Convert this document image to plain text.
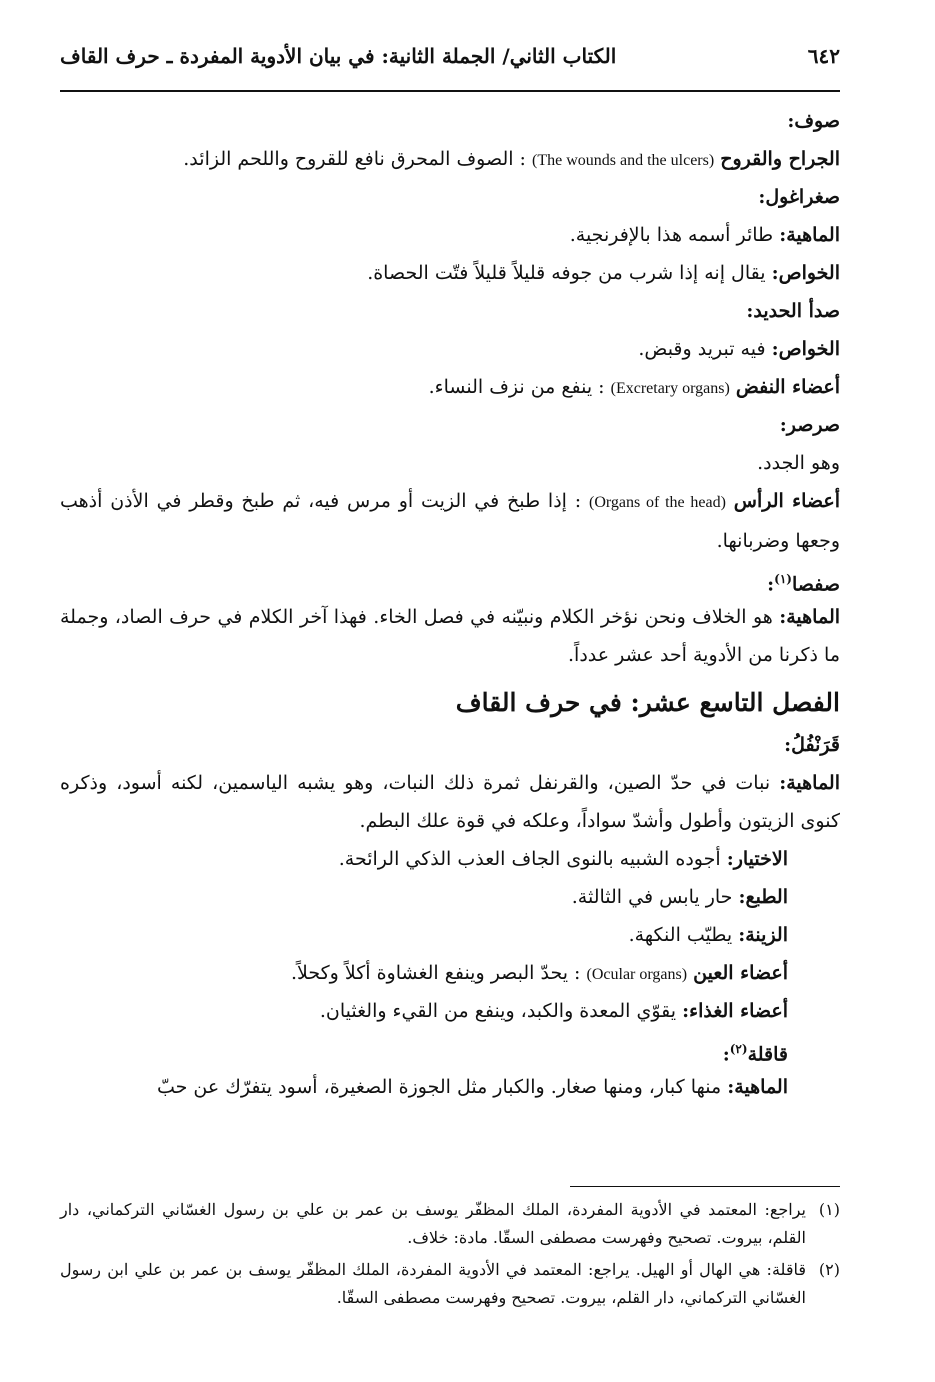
٦٤٢
الكتاب الثاني/ الجملة الثانية: في بيان الأدوية المفردة ـ حرف القاف
صوف:
الجراح والقروح (The wounds and the ulcers) : الصوف المحرق نافع للقروح واللحم الزائد.
صغراغول:
الماهية: طائر أسمه هذا بالإفرنجية.
الخواص: يقال إنه إذا شرب من جوفه قليلاً قليلاً فتّت الحصاة.
صدأ الحديد:
الخواص: فيه تبريد وقبض.
أعضاء النفض (Excretary organs) : ينفع من نزف النساء.
صرصر:
وهو الجدد.
أعضاء الرأس (Organs of the head) : إذا طبخ في الزيت أو مرس فيه، ثم طبخ وقطر في الأذن أذهب وجعها وضربانها.
صفصا$^{(١)}$:
الماهية: هو الخلاف ونحن نؤخر الكلام ونبيّنه في فصل الخاء. فهذا آخر الكلام في حرف الصاد، وجملة ما ذكرنا من الأدوية أحد عشر عدداً.
الفصل التاسع عشر: في حرف القاف
قَرَنْفُلُ:
الماهية: نبات في حدّ الصين، والقرنفل ثمرة ذلك النبات، وهو يشبه الياسمين، لكنه أسود، وذكره كنوى الزيتون وأطول وأشدّ سواداً، وعلكه في قوة علك البطم.
الاختيار: أجوده الشبيه بالنوى الجاف العذب الذكي الرائحة.
الطبع: حار يابس في الثالثة.
الزينة: يطيّب النكهة.
أعضاء العين (Ocular organs) : يحدّ البصر وينفع الغشاوة أكلاً وكحلاً.
أعضاء الغذاء: يقوّي المعدة والكبد، وينفع من القيء والغثيان.
قاقلة$^{(٢)}$:
الماهية: منها كبار، ومنها صغار. والكبار مثل الجوزة الصغيرة، أسود يتفرّك عن حبّ
(١)
يراجع: المعتمد في الأدوية المفردة، الملك المظفّر يوسف بن عمر بن علي بن رسول الغسّاني التركماني، دار القلم، بيروت. تصحيح وفهرست مصطفى السقّا. مادة: خلاف.
(٢)
قاقلة: هي الهال أو الهيل. يراجع: المعتمد في الأدوية المفردة، الملك المظفّر يوسف بن عمر بن علي ابن رسول الغسّاني التركماني، دار القلم، بيروت. تصحيح وفهرست مصطفى السقّا.
